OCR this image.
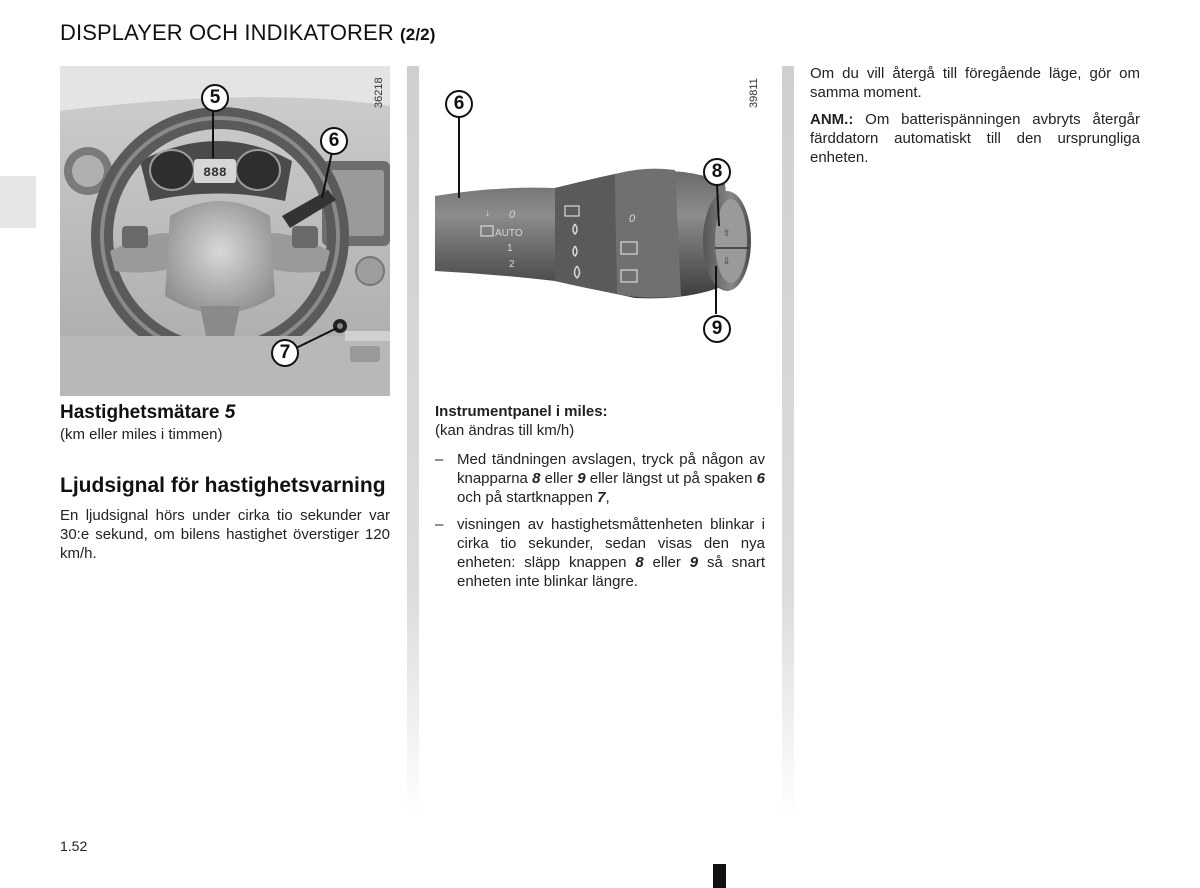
DISPLAYER OCH INDIKATORER (2/2)
888
36218
5
6
7
↓ 0
AUTO
1
2
0
⇧
⇩
39811
6
8
9
Hastighetsmätare 5
(km eller miles i timmen)
Ljudsignal för hastighetsvarning
En ljudsignal hörs under cirka tio sekunder var 30:e sekund, om bilens hastighet överstiger 120 km/h.
Instrumentpanel i miles:
(kan ändras till km/h)
– Med tändningen avslagen, tryck på någon av knapparna 8 eller 9 eller längst ut på spaken 6 och på startknappen 7,
– visningen av hastighetsmåttenheten blinkar i cirka tio sekunder, sedan visas den nya enheten: släpp knappen 8 eller 9 så snart enheten inte blinkar längre.
Om du vill återgå till föregående läge, gör om samma moment.
ANM.: Om batterispänningen avbryts återgår färddatorn automatiskt till den ursprungliga enheten.
1.52
